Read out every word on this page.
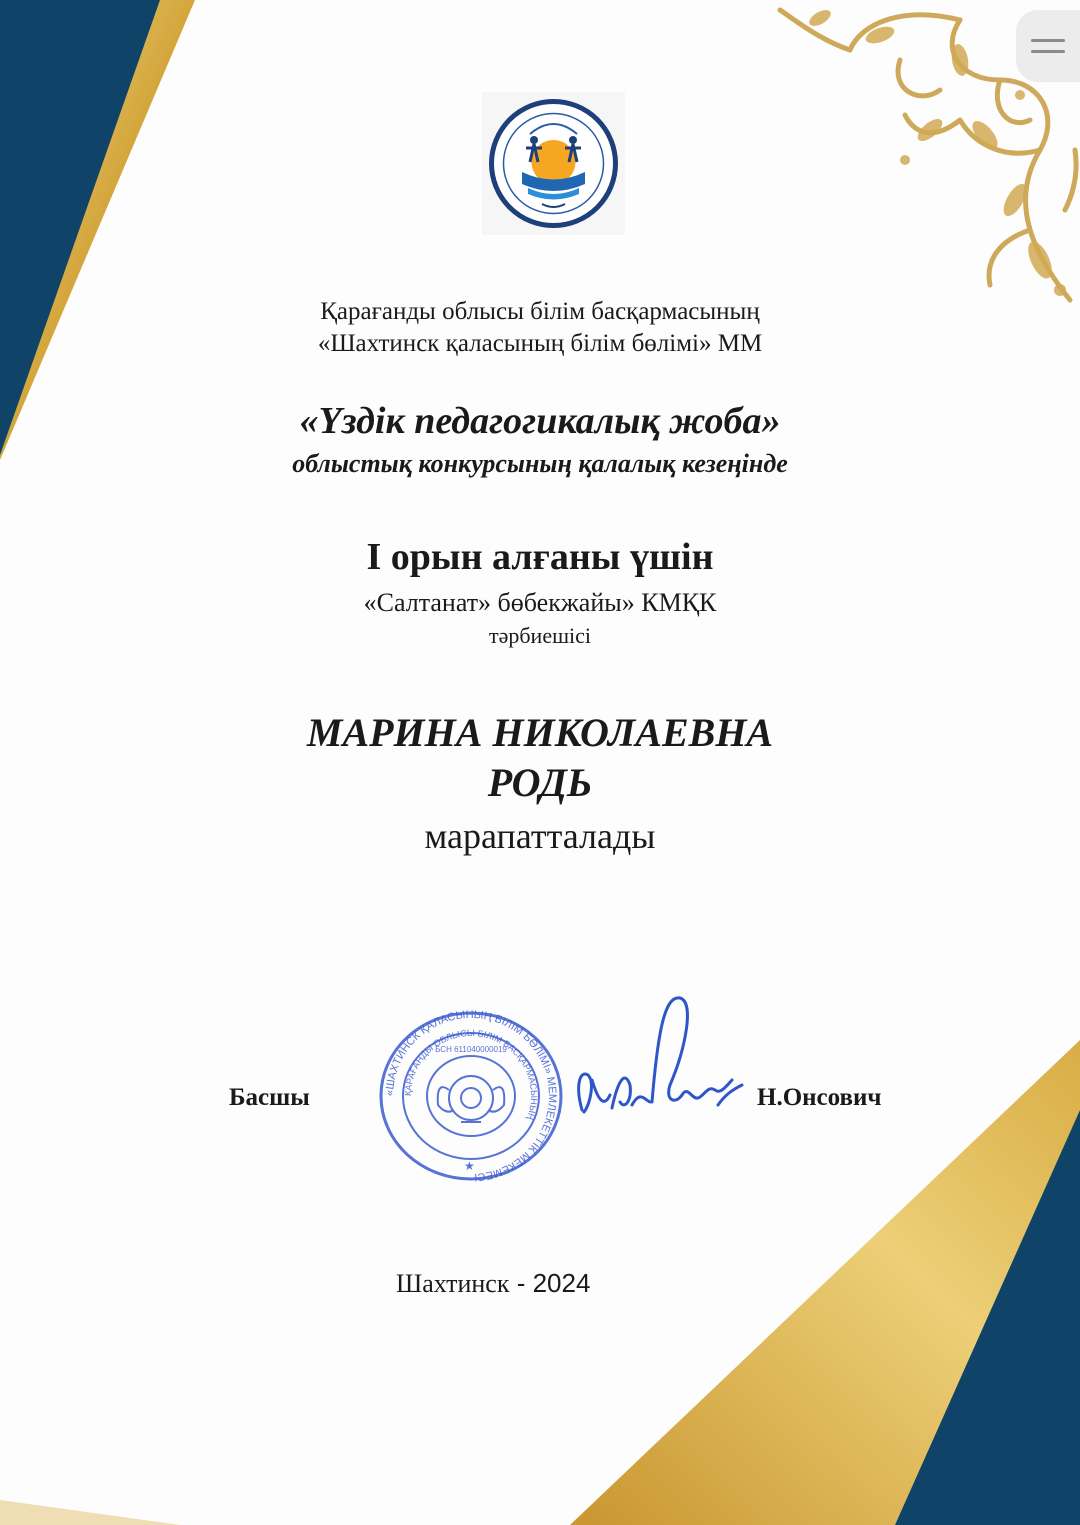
Қарағанды облысы білім басқармасының
«Шахтинск қаласының білім бөлімі» ММ
«Үздік педагогикалық жоба»
облыстық конкурсының қалалық кезеңінде
І орын алғаны үшін
«Салтанат» бөбекжайы» КМҚК
тәрбиешісі
МАРИНА НИКОЛАЕВНА
РОДЬ
марапатталады
Басшы	Н.Онсович
«ШАХТИНСК ҚАЛАСЫНЫҢ БІЛІМ БӨЛІМІ» МЕМЛЕКЕТТІК МЕКЕМЕСІ
ҚАРАҒАНДЫ ОБЛЫСЫ БІЛІМ БАСҚАРМАСЫНЫҢ
БСН 611040000019
★
Шахтинск - 2024
